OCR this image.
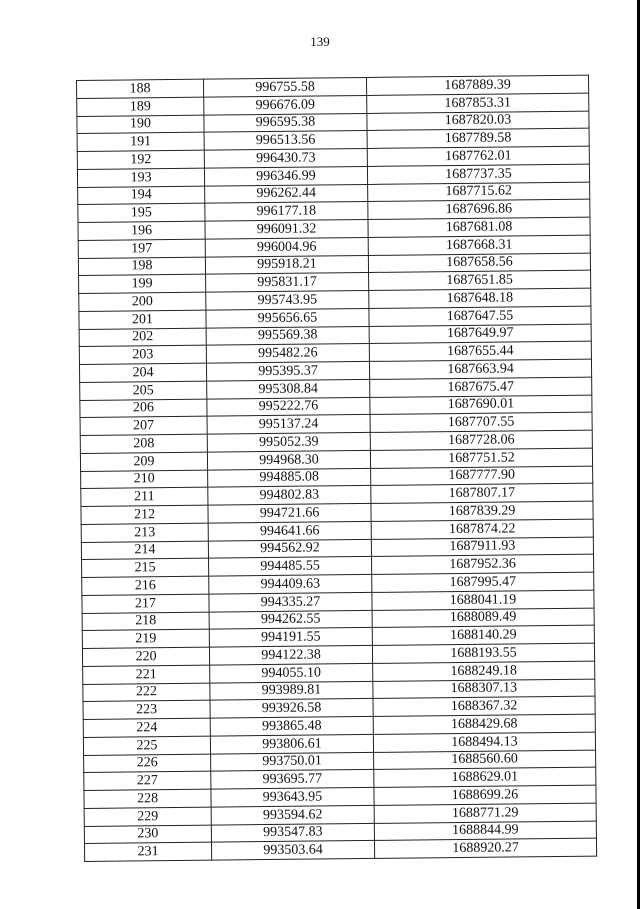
139
188	996755.58	1687889.39
189	996676.09	1687853.31
190	996595.38	1687820.03
191	996513.56	1687789.58
192	996430.73	1687762.01
193	996346.99	1687737.35
194	996262.44	1687715.62
195	996177.18	1687696.86
196	996091.32	1687681.08
197	996004.96	1687668.31
198	995918.21	1687658.56
199	995831.17	1687651.85
200	995743.95	1687648.18
201	995656.65	1687647.55
202	995569.38	1687649.97
203	995482.26	1687655.44
204	995395.37	1687663.94
205	995308.84	1687675.47
206	995222.76	1687690.01
207	995137.24	1687707.55
208	995052.39	1687728.06
209	994968.30	1687751.52
210	994885.08	1687777.90
211	994802.83	1687807.17
212	994721.66	1687839.29
213	994641.66	1687874.22
214	994562.92	1687911.93
215	994485.55	1687952.36
216	994409.63	1687995.47
217	994335.27	1688041.19
218	994262.55	1688089.49
219	994191.55	1688140.29
220	994122.38	1688193.55
221	994055.10	1688249.18
222	993989.81	1688307.13
223	993926.58	1688367.32
224	993865.48	1688429.68
225	993806.61	1688494.13
226	993750.01	1688560.60
227	993695.77	1688629.01
228	993643.95	1688699.26
229	993594.62	1688771.29
230	993547.83	1688844.99
231	993503.64	1688920.27
